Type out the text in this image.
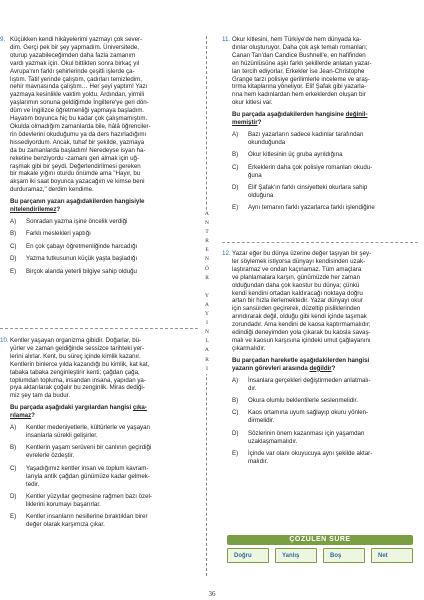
9. Küçükken kendi hikâyelerimi yazmayı çok sever-
dim. Gerçi pek bir şey yapmadım. Üniversitede,
oturup yazabileceğimden daha fazla zamanım
vardı yazmak için. Okul bittikten sonra birkaç yıl
Avrupa'nın farklı şehirlerinde çeşitli işlerde ça-
lıştım. Tatil yerinde çalıştım, çadırları temizledim,
nehir mavnasında çalıştım… Her şeyi yaptım! Yazı
yazmaya kesinlikle vaktim yoktu. Ardından, yirmili
yaşlarımın sonuna geldiğimde İngiltere'ye geri dön-
düm ve İngilizce öğretmenliği yapmaya başladım.
Hayatım boyunca hiç bu kadar çok çalışmamıştım.
Okulda olmadığım zamanlarda bile, hâlâ öğrenciler-
rin ödevlerini okuduğumu ya da ders hazırladığımı
hissediyordum. Ancak, tuhaf bir şekilde, yazmaya
da bu zamanlarda başladım! Neredeyse isyan ha-
reketine benziyordu -zamanı geri almak için uğ-
raşmak gibi bir şeydi. Değerlendirilmesi gereken
bir makale yığını oturdu önümde ama "Hayır, bu
akşam iki saat boyunca yazacağım ve kimse beni
durduramaz," derdim kendime.
Bu parçanın yazarı aşağıdakilerden hangisiyle
nitelendirilemez?
A) Sonradan yazma işine öncelik verdiği
B) Farklı meslekleri yaptığı
C) En çok çabayı öğretmenliğinde harcadığı
D) Yazma tutkusunun küçük yaşta başladığı
E) Birçok alanda yeterli bilgiye sahip olduğu
10. Kentler yaşayan organizma gibidir. Doğarlar, bü-
yürler ve zaman geldiğinde sessizce tarihteki yer-
lerini alırlar. Kent, bu süreç içinde kimlik kazanır.
Kentlerin binlerce yılda kazandığı bu kimlik, kat kat,
tabaka tabaka zenginleştirir kenti; çağdan çağa,
toplumdan topluma, insandan insana, yapıdan ya-
pıya aktarılarak çoğalır bu zenginlik. Miras dediği-
miz şey tam da budur.
Bu parçada aşağıdaki yargılardan hangisi çıka-
rılamaz?
A) Kentler medeniyetlerle, kültürlerle ve yaşayan
insanlarla sürekli gelişirler.
B) Kentlerin yaşam serüveni bir canlının geçirdiği
evrelerle özdeştir.
C) Yaşadığımız kentler insan ve toplum kavram-
larıyla antik çağdan günümüze kadar gelmek-
tedir.
D) Kentler yüzyıllar geçmesine rağmen bazı özel-
liklerini korumayı başarırlar.
E) Kentler insanların nesillerine bıraktıkları birer
değer olarak karşımıza çıkar.
A
N
T
R
E
N
Ö
R

Y
A
Y
I
N
L
A
R
I
11. Okur kitlesini, hem Türkiye'de hem dünyada ka-
dınlar oluşturuyor. Daha çok aşk temalı romanları;
Canan Tan'dan Candice Bushnell'e, en hafifinden
en hüzünlüsüne aşkı farklı şekillerde anlatan yazar-
ları tercih ediyorlar. Erkekler ise Jean-Christophe
Grange tarzı polisiye gerilimlerle inceleme ve araş-
tırma kitaplarına yöneliyor. Elif Şafak gibi yazarla-
rına hem kadınlardan hem erkeklerden oluşan bir
okur kitlesi var.
Bu parçada aşağıdakilerden hangisine değinil-
memiştir?
A) Bazı yazarların sadece kadınlar tarafından
okunduğunda
B) Okur kitlesinin üç gruba ayrıldığına
C) Erkeklerin daha çok polisiye romanları okudu-
ğuna
D) Elif Şafak'ın farklı cinsiyetteki okurlara sahip
olduğuna
E) Aynı temanın farklı yazarlarca farklı işlendiğine
12. Yazar eğer bu dünya üzerine değer taşıyan bir şey-
ler söylemek istiyorsa dünyayı kendisinden uzak-
laştıramaz ve ondan kaçınamaz. Tüm amaçlara
ve planlamalara karşın, günümüzde her zaman
olduğundan daha çok kaostur bu dünya; çünkü
kendi kendini ortadan kaldıracağı noktaya doğru
artan bir hızla ilerlemektedir. Yazar dünyayı okur
için sansürden geçirerek, düzeltip pisliklerinden
arındırarak değil, olduğu gibi kendi içinde taşımak
zorundadır. Ama kendini de kaosa kaptırmamalıdır;
edindiği deneyimden yola çıkarak bu kaosla savaş-
malı ve kaosun karşısına içindeki umut çağlayanını
çıkarmalıdır.
Bu parçadan hareketle aşağıdakilerden hangisi
yazarın görevleri arasında değildir?
A) İnsanlara gerçekleri değiştirmeden anlatmalı-
dır.
B) Okura olumlu beklentilerle seslenmelidir.
C) Kaos ortamına uyum sağlayıp okuru yönlen-
dirmelidir.
D) Sözlerinin önem kazanması için yaşamdan
uzaklaşmamalıdır.
E) İçinde var olanı okuyucuya aynı şekilde aktar-
malıdır.
ÇÖZÜLEN SÜRE
Doğru	Yanlış	Boş	Net
36
